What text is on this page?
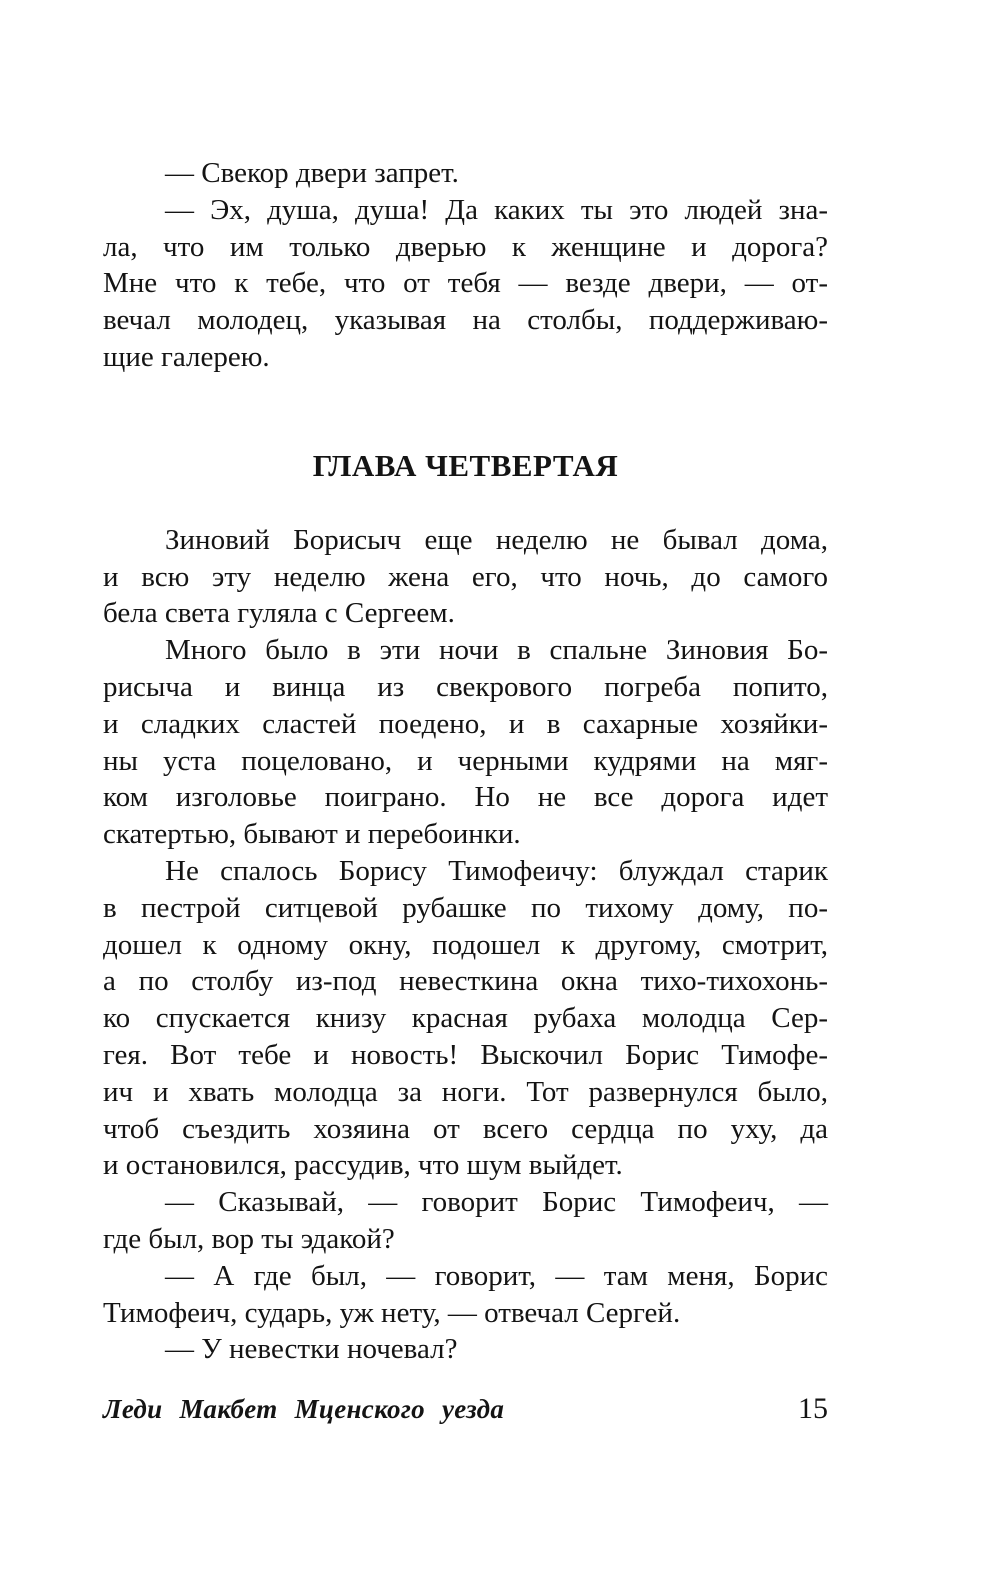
— Свекор двери запрет.

— Эх, душа, душа! Да каких ты это людей зна-
ла, что им только дверью к женщине и дорога?
Мне что к тебе, что от тебя — везде двери, — от-
вечал молодец, указывая на столбы, поддерживаю-
щие галерею.

ГЛАВА ЧЕТВЕРТАЯ

Зиновий Борисыч еще неделю не бывал дома,
и всю эту неделю жена его, что ночь, до самого
бела света гуляла с Сергеем.

Много было в эти ночи в спальне Зиновия Бо-
рисыча и винца из свекрового погреба попито,
и сладких сластей поедено, и в сахарные хозяйки-
ны уста поцеловано, и черными кудрями на мяг-
ком изголовье поиграно. Но не все дорога идет
скатертью, бывают и перебоинки.

Не спалось Борису Тимофеичу: блуждал старик
в пестрой ситцевой рубашке по тихому дому, по-
дошел к одному окну, подошел к другому, смотрит,
а по столбу из-под невесткина окна тихо-тихохонь-
ко спускается книзу красная рубаха молодца Сер-
гея. Вот тебе и новость! Выскочил Борис Тимофе-
ич и хвать молодца за ноги. Тот развернулся было,
чтоб съездить хозяина от всего сердца по уху, да
и остановился, рассудив, что шум выйдет.

— Сказывай, — говорит Борис Тимофеич, —
где был, вор ты эдакой?

— А где был, — говорит, — там меня, Борис
Тимофеич, сударь, уж нету, — отвечал Сергей.

— У невестки ночевал?

Леди Макбет Мценского уезда	15
